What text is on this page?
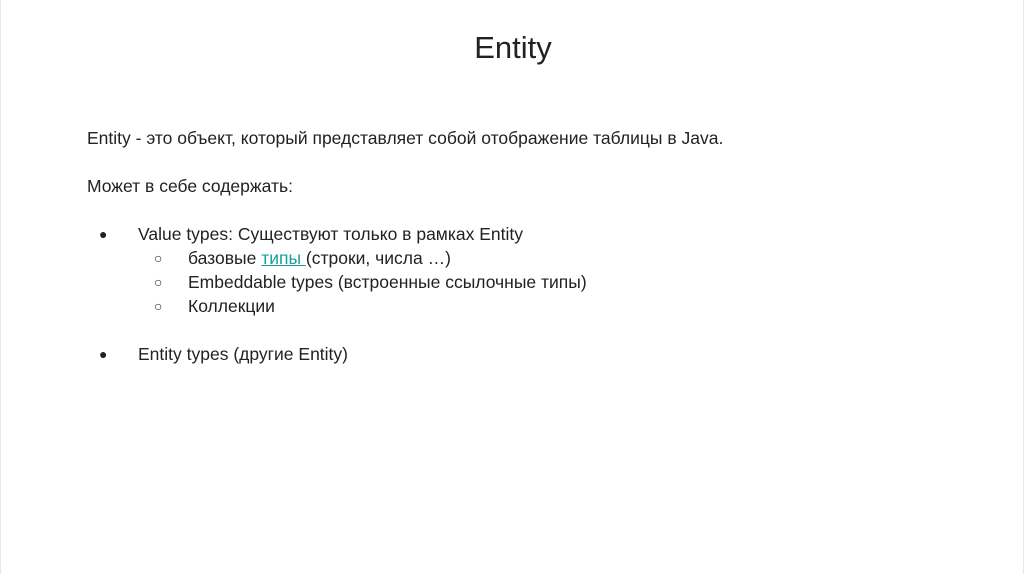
Entity
Entity - это объект, который представляет собой отображение таблицы в Java.
Может в себе содержать:
● Value types: Существуют только в рамках Entity
○ базовые типы (строки, числа …)
○ Embeddable types (встроенные ссылочные типы)
○ Коллекции
● Entity types (другие Entity)
